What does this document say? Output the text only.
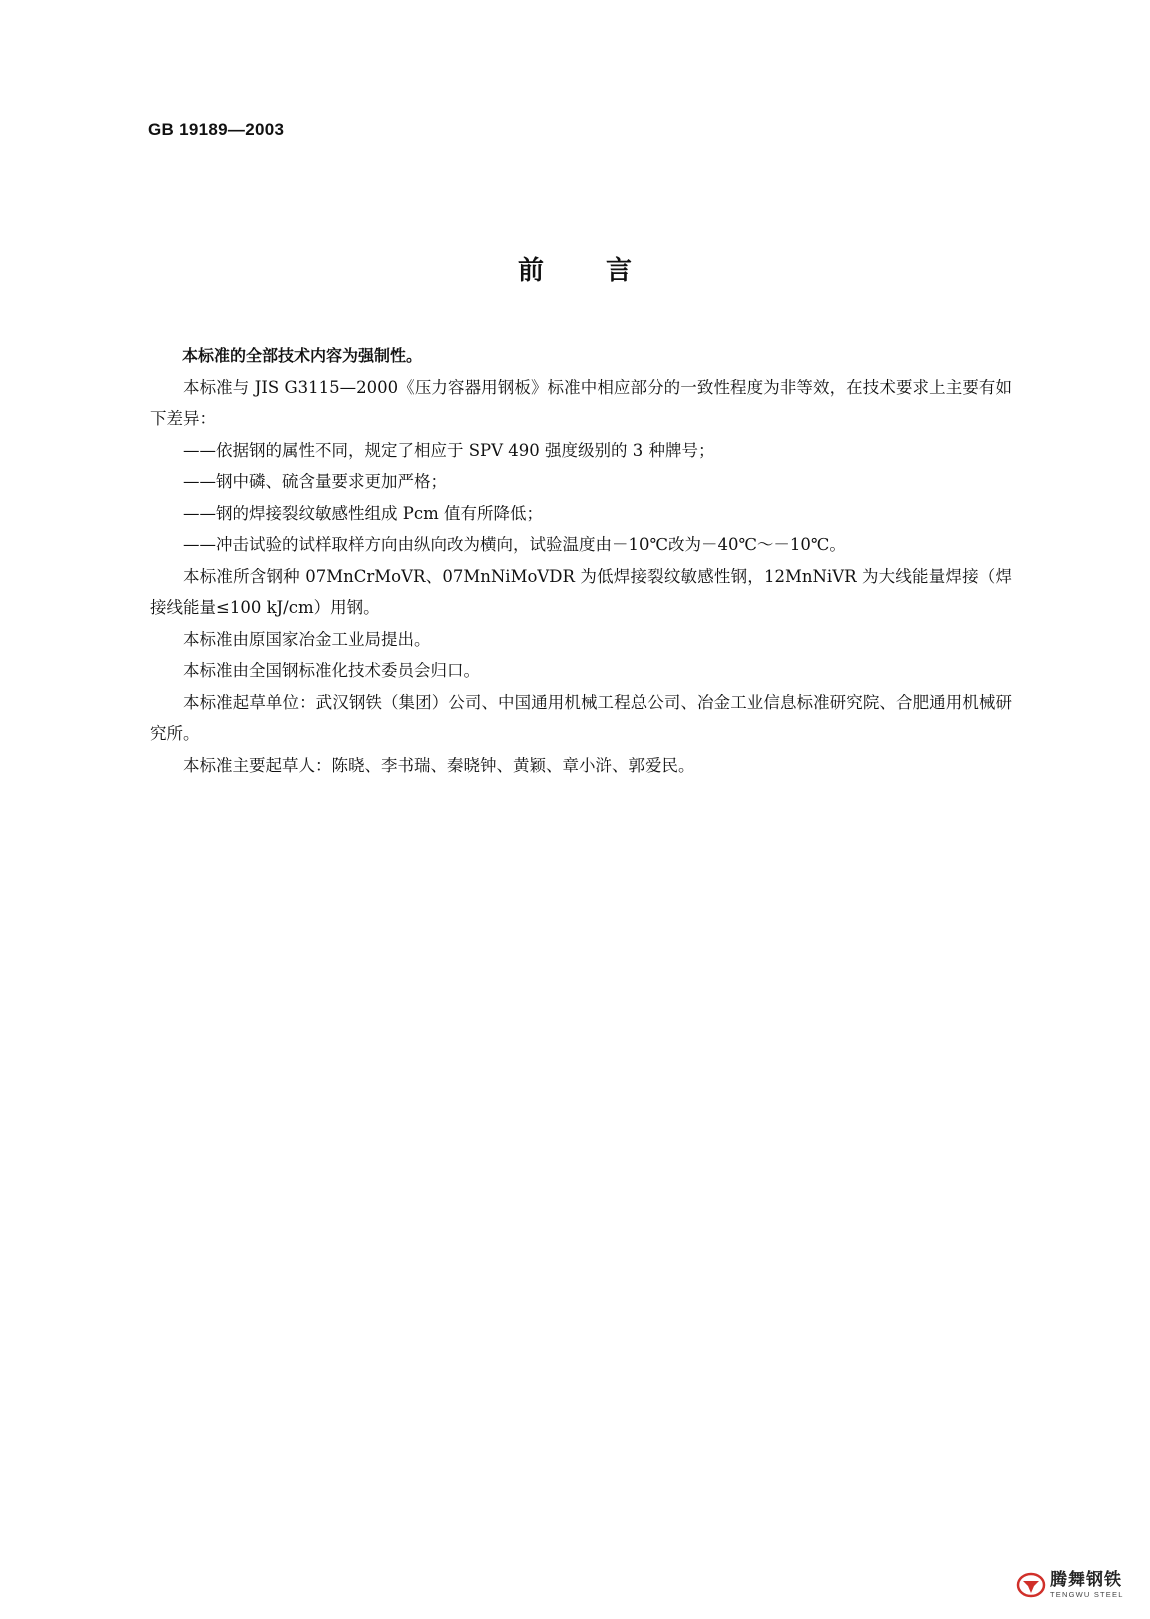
GB 19189—2003
前言

本标准的全部技术内容为强制性。

本标准与 JIS G3115—2000《压力容器用钢板》标准中相应部分的一致性程度为非等效，在技术要求上主要有如下差异：

——依据钢的属性不同，规定了相应于 SPV 490 强度级别的 3 种牌号；

——钢中磷、硫含量要求更加严格；

——钢的焊接裂纹敏感性组成 Pcm 值有所降低；

——冲击试验的试样取样方向由纵向改为横向，试验温度由－10℃改为－40℃～－10℃。

本标准所含钢种 07MnCrMoVR、07MnNiMoVDR 为低焊接裂纹敏感性钢，12MnNiVR 为大线能量焊接（焊接线能量≤100 kJ/cm）用钢。

本标准由原国家冶金工业局提出。

本标准由全国钢标准化技术委员会归口。

本标准起草单位：武汉钢铁（集团）公司、中国通用机械工程总公司、冶金工业信息标准研究院、合肥通用机械研究所。

本标准主要起草人：陈晓、李书瑞、秦晓钟、黄颖、章小浒、郭爱民。

腾舞钢铁
TENGWU STEEL
